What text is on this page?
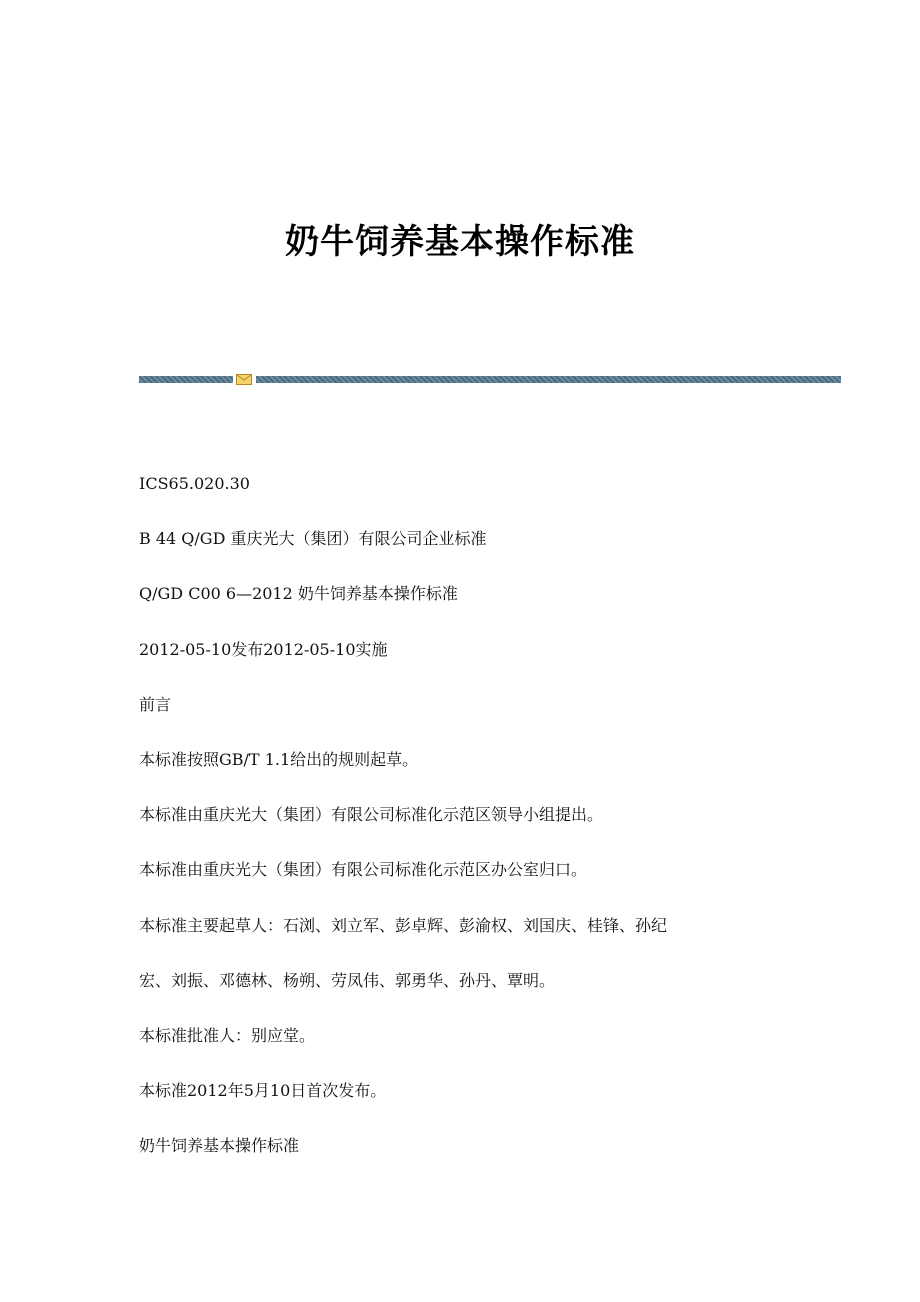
奶牛饲养基本操作标准
ICS65.020.30
B 44 Q/GD 重庆光大（集团）有限公司企业标准
Q/GD C00 6—2012 奶牛饲养基本操作标准
2012-05-10发布2012-05-10实施
前言
本标准按照GB/T 1.1给出的规则起草。
本标准由重庆光大（集团）有限公司标准化示范区领导小组提出。
本标准由重庆光大（集团）有限公司标准化示范区办公室归口。
本标准主要起草人：石浏、刘立军、彭卓辉、彭渝权、刘国庆、桂锋、孙纪
宏、刘振、邓德林、杨朔、劳凤伟、郭勇华、孙丹、覃明。
本标准批准人：别应堂。
本标准2012年5月10日首次发布。
奶牛饲养基本操作标准
